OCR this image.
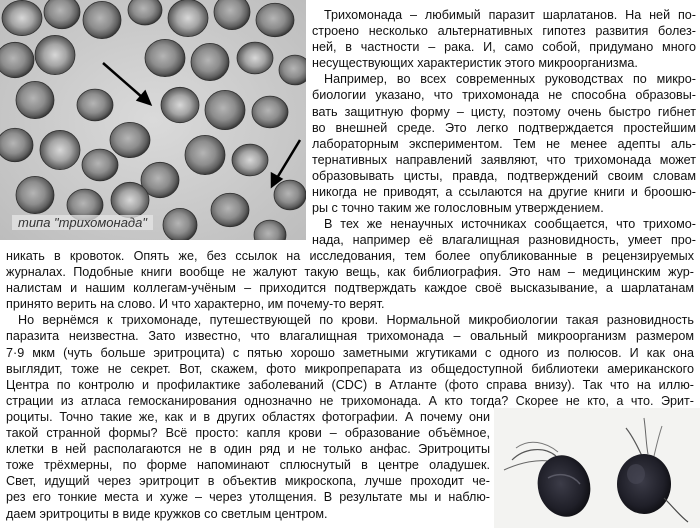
типа "трихомонада"
Трихомонада – любимый паразит шарлатанов. На ней по-
строено несколько альтернативных гипотез развития болез-
ней, в частности – рака. И, само собой, придумано много
несуществующих характеристик этого микроорганизма.
Например, во всех современных руководствах по микро-
биологии указано, что трихомонада не способна образовы-
вать защитную форму – цисту, поэтому очень быстро гибнет
во внешней среде. Это легко подтверждается простейшим
лабораторным экспериментом. Тем не менее адепты аль-
тернативных направлений заявляют, что трихомонада может
образовывать цисты, правда, подтверждений своим словам
никогда не приводят, а ссылаются на другие книги и броошю-
ры с точно таким же голословным утверждением.
В тех же ненаучных источниках сообщается, что трихомо-
нада, например её влагалищная разновидность, умеет про-
никать в кровоток. Опять же, без ссылок на исследования, тем более опубликованные в рецензируемых
журналах. Подобные книги вообще не жалуют такую вещь, как библиография. Это нам – медицинским жур-
налистам и нашим коллегам-учёным – приходится подтверждать каждое своё высказывание, а шарлатанам
принято верить на слово. И что характерно, им почему-то верят.
Но вернёмся к трихомонаде, путешествующей по крови. Нормальной микробиологии такая разновидность
паразита неизвестна. Зато известно, что влагалищная трихомонада – овальный микроорганизм размером
7·9 мкм (чуть больше эритроцита) с пятью хорошо заметными жгутиками с одного из полюсов. И как она
выглядит, тоже не секрет. Вот, скажем, фото микропрепарата из общедоступной библиотеки американского
Центра по контролю и профилактике заболеваний (CDC) в Атланте (фото справа внизу). Так что на иллю-
страции из атласа гемосканирования однозначно не трихомонада. А кто тогда? Скорее не кто, а что. Эрит-
роциты. Точно такие же, как и в других областях фотографии. А почему они
такой странной формы? Всё просто: капля крови – образование объёмное,
клетки в ней располагаются не в один ряд и не только анфас. Эритроциты
тоже трёхмерны, по форме напоминают сплюснутый в центре оладушек.
Свет, идущий через эритроцит в объектив микроскопа, лучше проходит че-
рез его тонкие места и хуже – через утолщения. В результате мы и наблю-
даем эритроциты в виде кружков со светлым центром.
